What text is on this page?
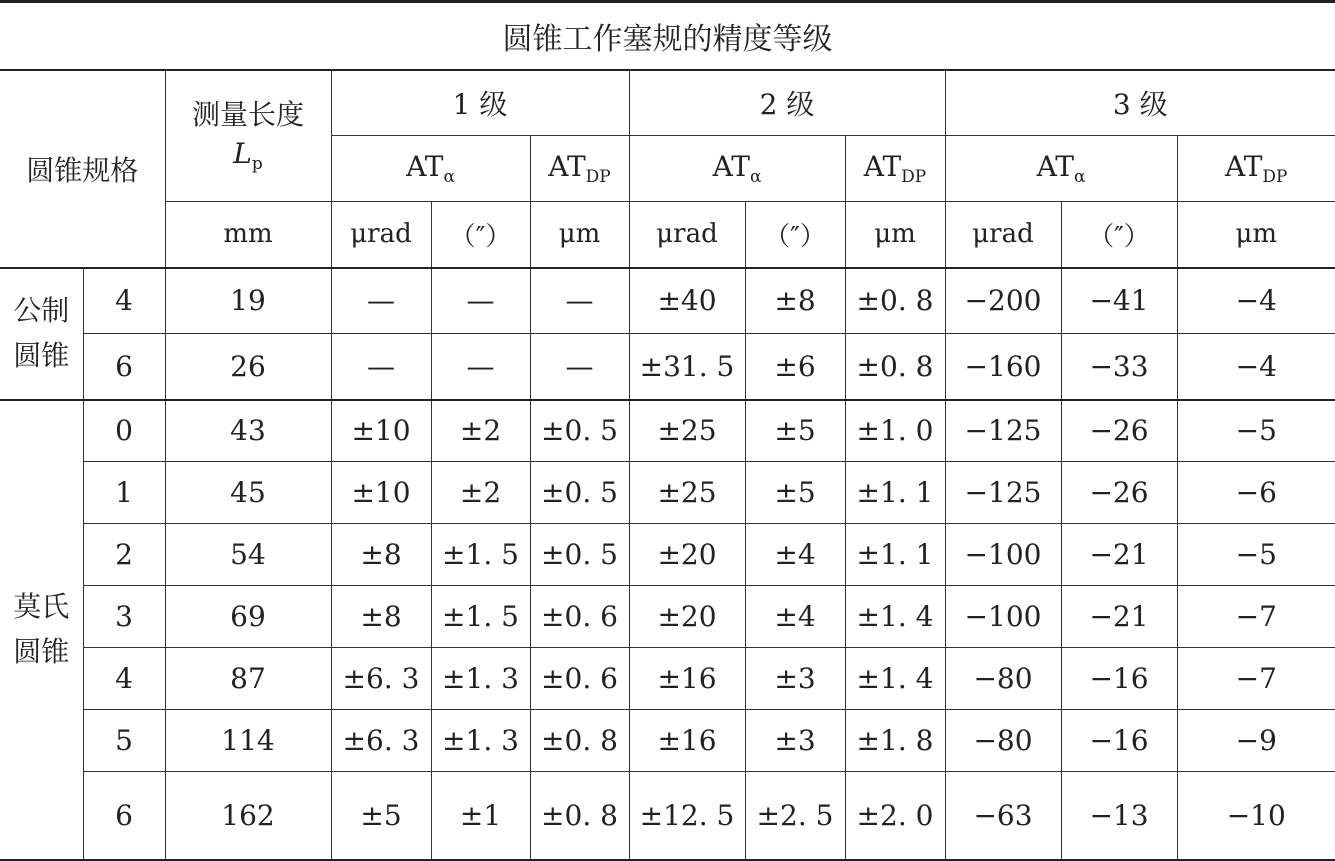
圆锥工作塞规的精度等级											
圆锥规格		测量长度
$L_p$	1 级			2 级			3 级		
			$AT_\alpha$		$AT_{DP}$	$AT_\alpha$		$AT_{DP}$	$AT_\alpha$		$AT_{DP}$
		mm	μrad	（″）	μm	μrad	（″）	μm	μrad	（″）	μm

公制
圆锥	4	19	—	—	—	±40	±8	±0. 8	−200	−41	−4
	6	26	—	—	—	±31. 5	±6	±0. 8	−160	−33	−4

莫氏
圆锥	0	43	±10	±2	±0. 5	±25	±5	±1. 0	−125	−26	−5
	1	45	±10	±2	±0. 5	±25	±5	±1. 1	−125	−26	−6
	2	54	±8	±1. 5	±0. 5	±20	±4	±1. 1	−100	−21	−5
	3	69	±8	±1. 5	±0. 6	±20	±4	±1. 4	−100	−21	−7
	4	87	±6. 3	±1. 3	±0. 6	±16	±3	±1. 4	−80	−16	−7
	5	114	±6. 3	±1. 3	±0. 8	±16	±3	±1. 8	−80	−16	−9
	6	162	±5	±1	±0. 8	±12. 5	±2. 5	±2. 0	−63	−13	−10
